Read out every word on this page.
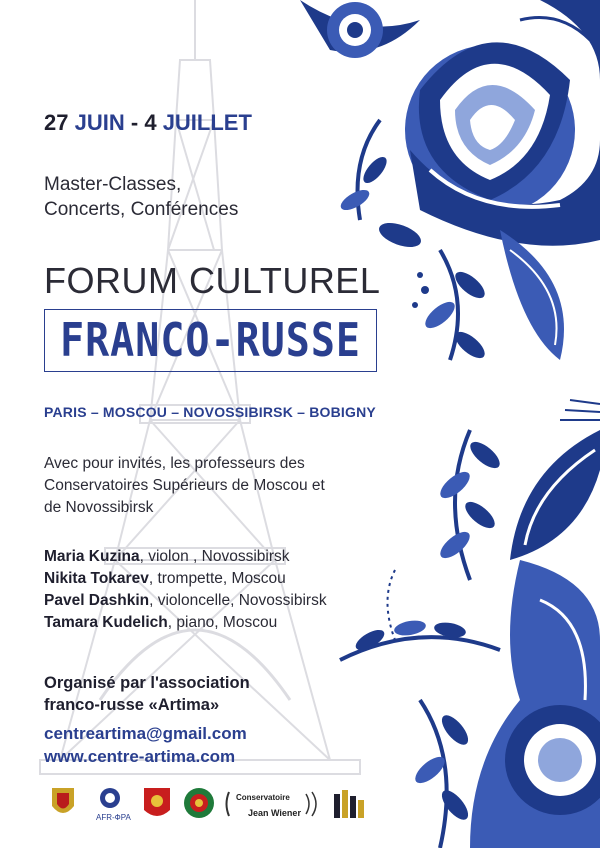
27 JUIN - 4 JUILLET
Master-Classes,
Concerts, Conférences
FORUM CULTUREL
FRANCO-RUSSE
PARIS – MOSCOU – NOVOSSIBIRSK – BOBIGNY
Avec pour invités, les professeurs des
Conservatoires Supérieurs de Moscou et
de Novossibirsk
Maria Kuzina, violon , Novossibirsk
Nikita Tokarev, trompette, Moscou
Pavel Dashkin, violoncelle, Novossibirsk
Tamara Kudelich, piano, Moscou
Organisé par l'association
franco-russe «Artima»
centreartima@gmail.com
www.centre-artima.com
AFR-ФРА
Conservatoire
Jean Wiener
